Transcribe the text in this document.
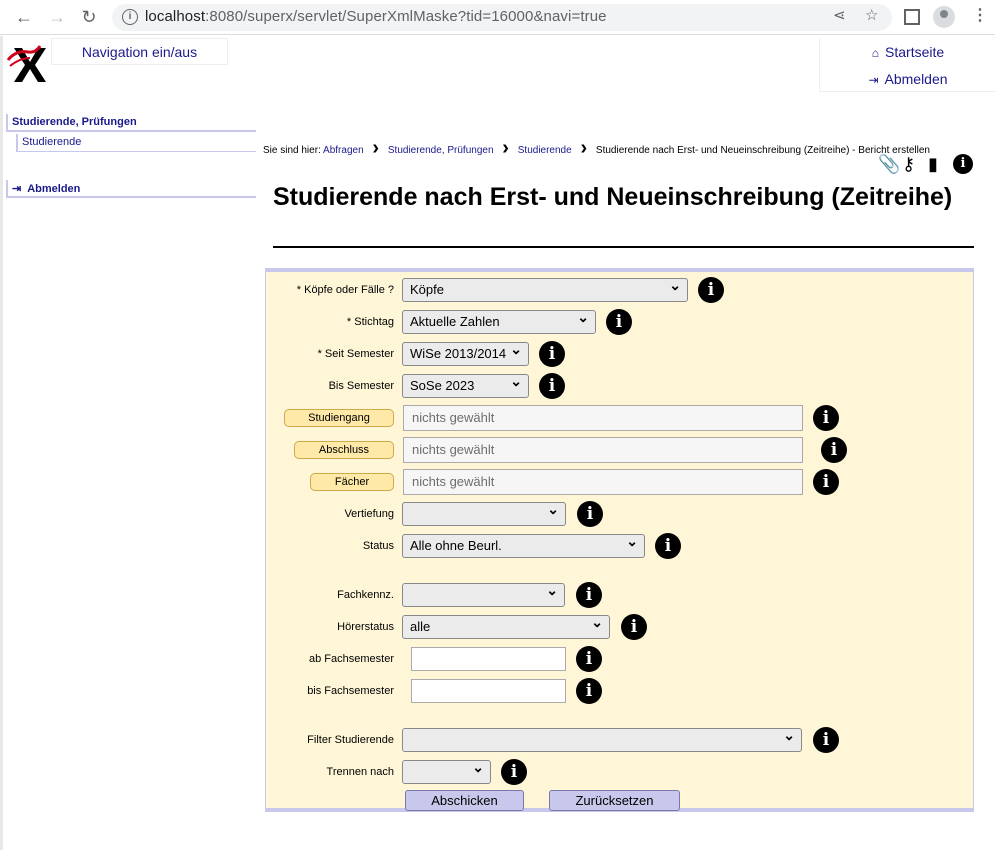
← → ↻	i localhost:8080/superx/servlet/SuperXmlMaske?tid=16000&navi=true	⋖ ☆	⋮
Navigation ein/aus	⌂ Startseite
⇥ Abmelden
Studierende, Prüfungen
Studierende
⇥ Abmelden
Sie sind hier: Abfragen › Studierende, Prüfungen › Studierende › Studierende nach Erst- und Neueinschreibung (Zeitreihe) - Bericht erstellen
📎 ⚷ ▮	i
Studierende nach Erst- und Neueinschreibung (Zeitreihe)
* Köpfe oder Fälle ?	Köpfe ⌄	i
* Stichtag	Aktuelle Zahlen ⌄	i
* Seit Semester	WiSe 2013/2014 ⌄	i
Bis Semester	SoSe 2023 ⌄	i
Studiengang	nichts gewählt	i
Abschluss	nichts gewählt	i
Fächer	nichts gewählt	i
Vertiefung ⌄	i
Status	Alle ohne Beurl. ⌄	i
Fachkennz. ⌄	i
Hörerstatus	alle ⌄	i
ab Fachsemester	i
bis Fachsemester	i
Filter Studierende ⌄	i
Trennen nach ⌄	i
Abschicken	Zurücksetzen
